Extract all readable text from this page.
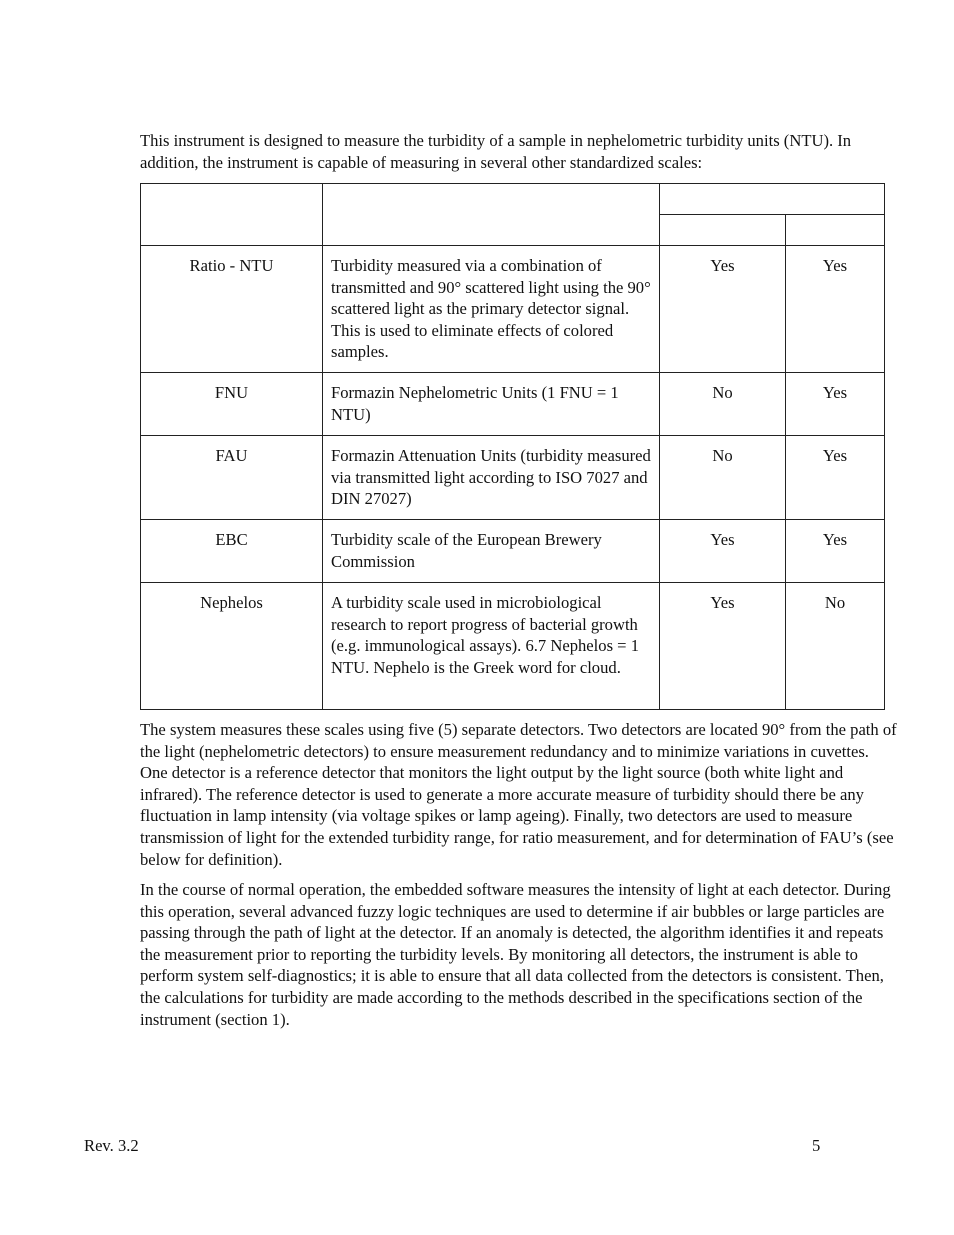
This instrument is designed to measure the turbidity of a sample in nephelometric turbidity units (NTU). In addition, the instrument is capable of measuring in several other standardized scales:

Ratio - NTU	Turbidity measured via a combination of transmitted and 90° scattered light using the 90° scattered light as the primary detector signal. This is used to eliminate effects of colored samples.	Yes	Yes
FNU	Formazin Nephelometric Units (1 FNU = 1 NTU)	No	Yes
FAU	Formazin Attenuation Units (turbidity measured via transmitted light according to ISO 7027 and DIN 27027)	No	Yes
EBC	Turbidity scale of the European Brewery Commission	Yes	Yes
Nephelos	A turbidity scale used in microbiological research to report progress of bacterial growth (e.g. immunological assays). 6.7 Nephelos = 1 NTU. Nephelo is the Greek word for cloud.	Yes	No

The system measures these scales using five (5) separate detectors. Two detectors are located 90° from the path of the light (nephelometric detectors) to ensure measurement redundancy and to minimize variations in cuvettes. One detector is a reference detector that monitors the light output by the light source (both white light and infrared). The reference detector is used to generate a more accurate measure of turbidity should there be any fluctuation in lamp intensity (via voltage spikes or lamp ageing). Finally, two detectors are used to measure transmission of light for the extended turbidity range, for ratio measurement, and for determination of FAU’s (see below for definition).

In the course of normal operation, the embedded software measures the intensity of light at each detector. During this operation, several advanced fuzzy logic techniques are used to determine if air bubbles or large particles are passing through the path of light at the detector. If an anomaly is detected, the algorithm identifies it and repeats the measurement prior to reporting the turbidity levels. By monitoring all detectors, the instrument is able to perform system self-diagnostics; it is able to ensure that all data collected from the detectors is consistent. Then, the calculations for turbidity are made according to the methods described in the specifications section of the instrument (section 1).

Rev. 3.2	5
